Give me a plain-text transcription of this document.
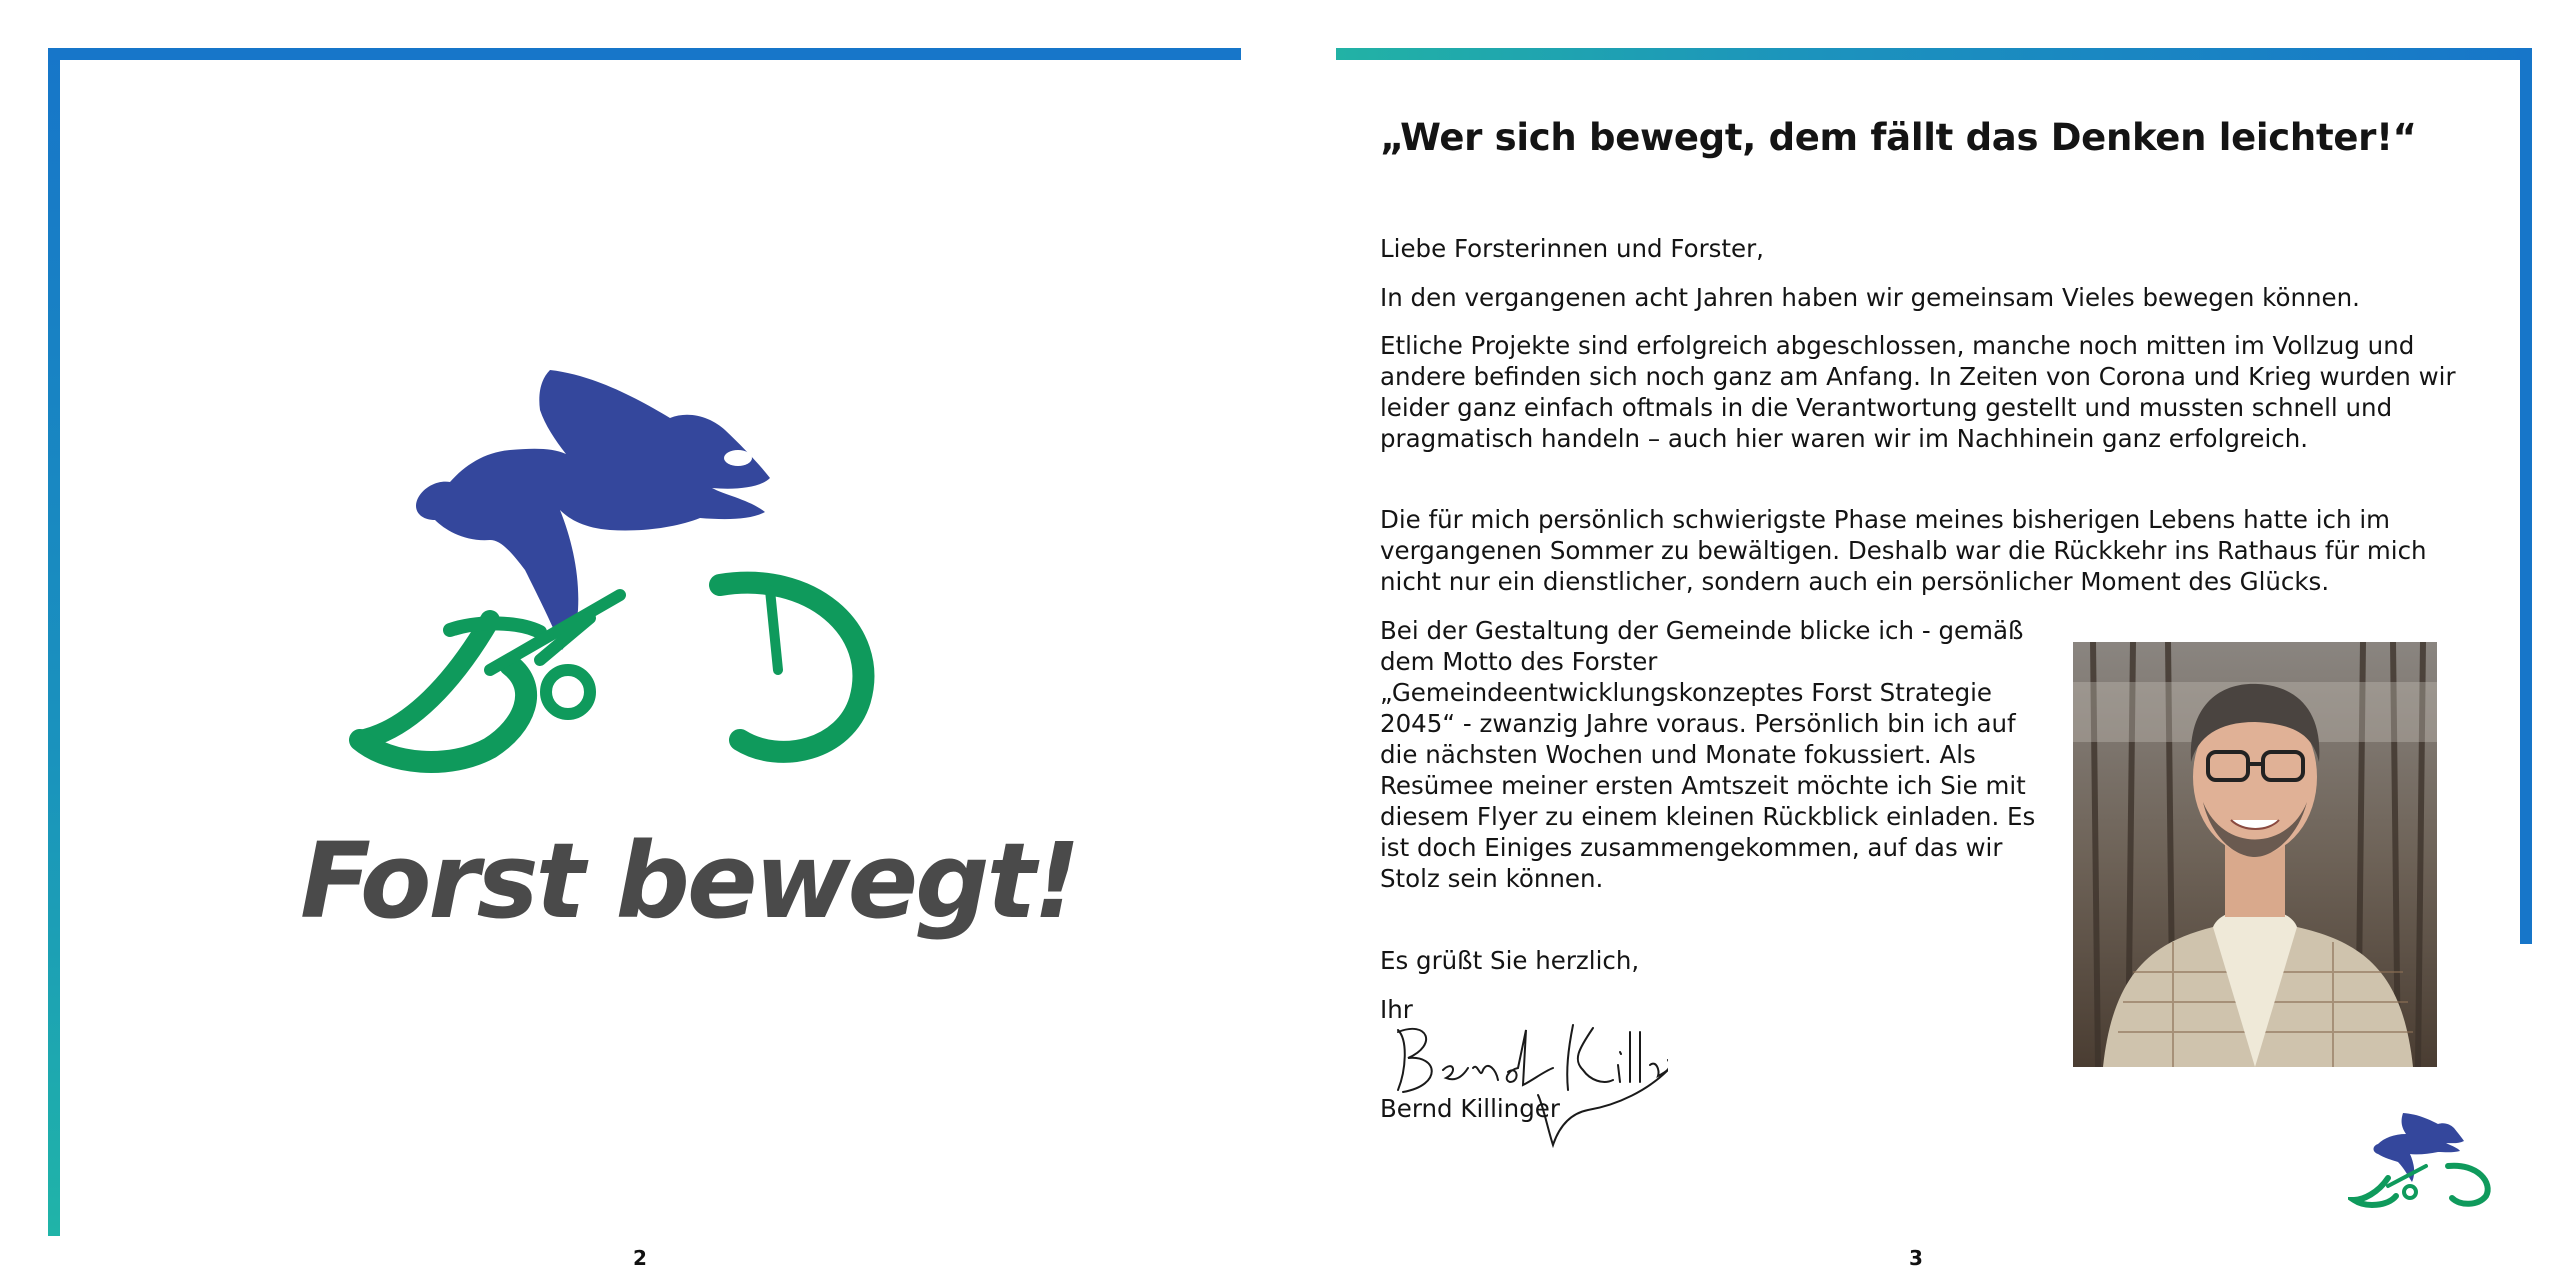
Forst bewegt!
2
„Wer sich bewegt, dem fällt das Denken leichter!“

Liebe Forsterinnen und Forster,

In den vergangenen acht Jahren haben wir gemeinsam Vieles bewegen können.

Etliche Projekte sind erfolgreich abgeschlossen, manche noch mitten im Vollzug und andere befinden sich noch ganz am Anfang. In Zeiten von Corona und Krieg wurden wir leider ganz einfach oftmals in die Verantwortung gestellt und mussten schnell und pragmatisch handeln – auch hier waren wir im Nachhinein ganz erfolgreich.

Die für mich persönlich schwierigste Phase meines bisherigen Lebens hatte ich im vergangenen Sommer zu bewältigen. Deshalb war die Rückkehr ins Rathaus für mich nicht nur ein dienstlicher, sondern auch ein persönlicher Moment des Glücks.

Bei der Gestaltung der Gemeinde blicke ich - gemäß dem Motto des Forster „Gemeindeentwicklungskonzeptes Forst Strategie 2045“ - zwanzig Jahre voraus. Persönlich bin ich auf die nächsten Wochen und Monate fokussiert. Als Resümee meiner ersten Amtszeit möchte ich Sie mit diesem Flyer zu einem kleinen Rückblick einladen. Es ist doch Einiges zusammengekommen, auf das wir Stolz sein können.

Es grüßt Sie herzlich,

Ihr

Bernd Killinger

3
